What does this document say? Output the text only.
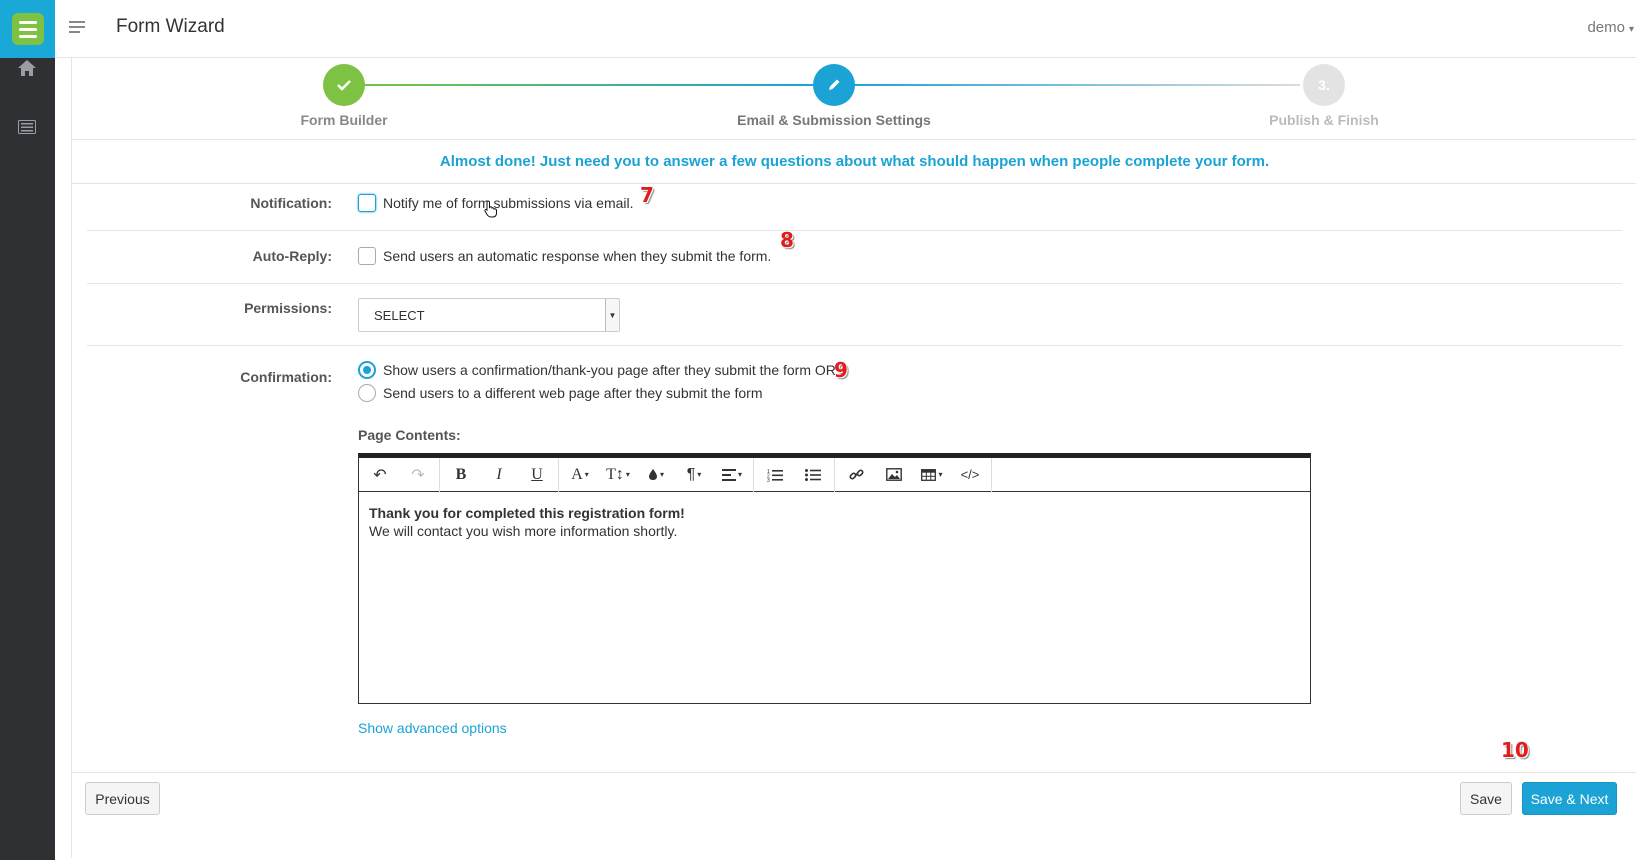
Form Wizard	demo ▾
Form Builder	Email & Submission Settings
3.
Publish & Finish
Almost done! Just need you to answer a few questions about what should happen when people complete your form.
Notification:	Notify me of form submissions via email.
Auto-Reply:	Send users an automatic response when they submit the form.
Permissions:	SELECT	▼
Confirmation:	Show users a confirmation/thank-you page after they submit the form OR
Send users to a different web page after they submit the form
Page Contents:
↶	↷	B	I	U	A ▾	T↕ ▾	▾	¶ ▾	▾	1
2
3
▾	</>
Thank you for completed this registration form!
We will contact you wish more information shortly.
Show advanced options
Previous	Save	Save & Next
7
8
9
10
